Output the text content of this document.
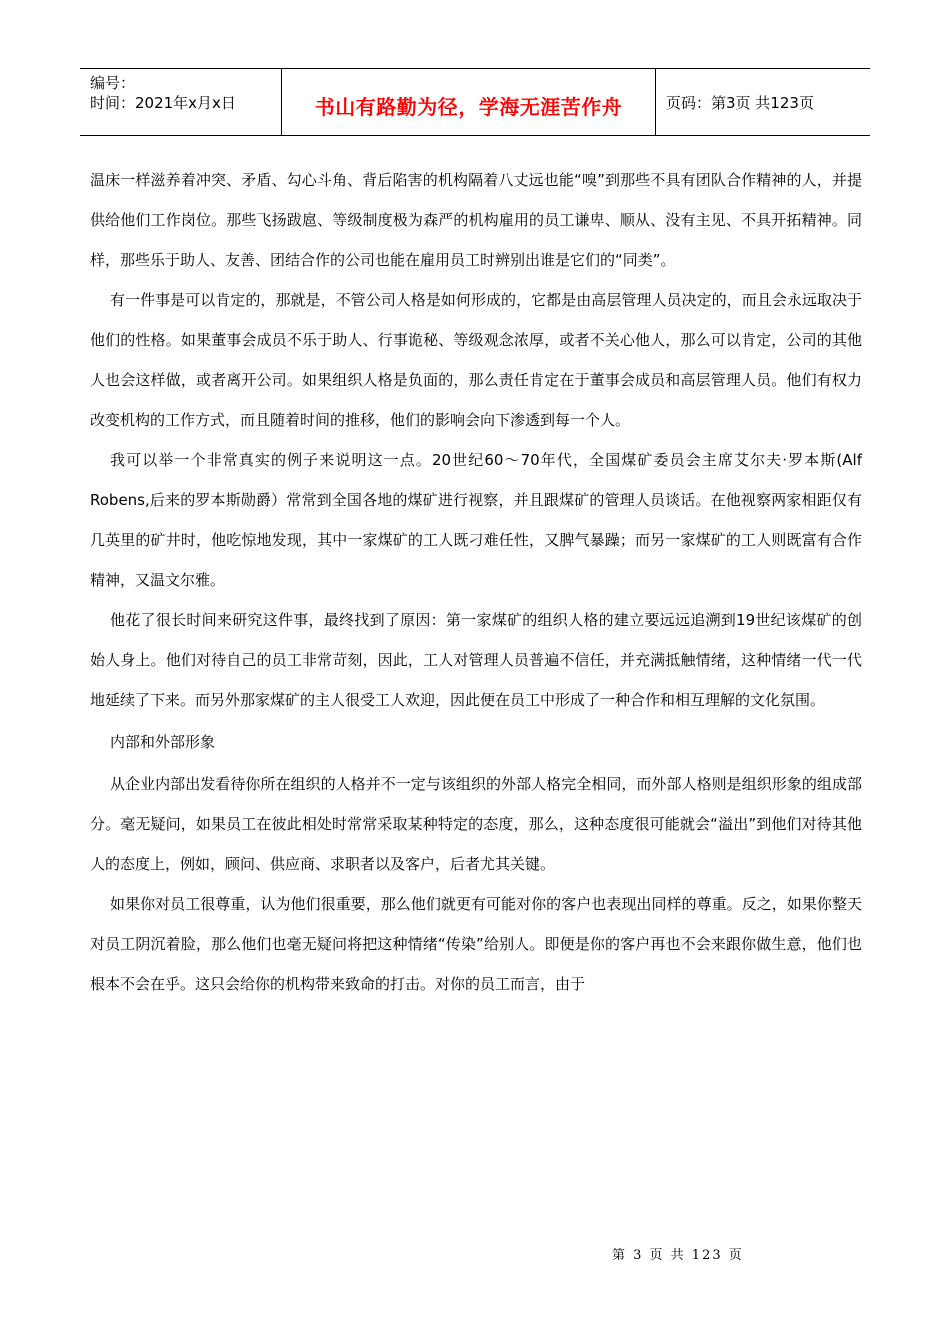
编号：
时间：2021年x月x日	书山有路勤为径，学海无涯苦作舟	页码：第3页 共123页

温床一样滋养着冲突、矛盾、勾心斗角、背后陷害的机构隔着八丈远也能“嗅”到那些不具有团队合作精神的人，并提供给他们工作岗位。那些飞扬跋扈、等级制度极为森严的机构雇用的员工谦卑、顺从、没有主见、不具开拓精神。同样，那些乐于助人、友善、团结合作的公司也能在雇用员工时辨别出谁是它们的“同类”。

有一件事是可以肯定的，那就是，不管公司人格是如何形成的，它都是由高层管理人员决定的，而且会永远取决于他们的性格。如果董事会成员不乐于助人、行事诡秘、等级观念浓厚，或者不关心他人，那么可以肯定，公司的其他人也会这样做，或者离开公司。如果组织人格是负面的，那么责任肯定在于董事会成员和高层管理人员。他们有权力改变机构的工作方式，而且随着时间的推移，他们的影响会向下渗透到每一个人。

我可以举一个非常真实的例子来说明这一点。20世纪60～70年代，全国煤矿委员会主席艾尔夫·罗本斯(Alf Robens,后来的罗本斯勋爵）常常到全国各地的煤矿进行视察，并且跟煤矿的管理人员谈话。在他视察两家相距仅有几英里的矿井时，他吃惊地发现，其中一家煤矿的工人既刁难任性，又脾气暴躁；而另一家煤矿的工人则既富有合作精神，又温文尔雅。

他花了很长时间来研究这件事，最终找到了原因：第一家煤矿的组织人格的建立要远远追溯到19世纪该煤矿的创始人身上。他们对待自己的员工非常苛刻，因此，工人对管理人员普遍不信任，并充满抵触情绪，这种情绪一代一代地延续了下来。而另外那家煤矿的主人很受工人欢迎，因此便在员工中形成了一种合作和相互理解的文化氛围。

内部和外部形象

从企业内部出发看待你所在组织的人格并不一定与该组织的外部人格完全相同，而外部人格则是组织形象的组成部分。毫无疑问，如果员工在彼此相处时常常采取某种特定的态度，那么，这种态度很可能就会“溢出”到他们对待其他人的态度上，例如，顾问、供应商、求职者以及客户，后者尤其关键。

如果你对员工很尊重，认为他们很重要，那么他们就更有可能对你的客户也表现出同样的尊重。反之，如果你整天对员工阴沉着脸，那么他们也毫无疑问将把这种情绪“传染”给别人。即便是你的客户再也不会来跟你做生意，他们也根本不会在乎。这只会给你的机构带来致命的打击。对你的员工而言，由于

第 3 页 共 123 页
